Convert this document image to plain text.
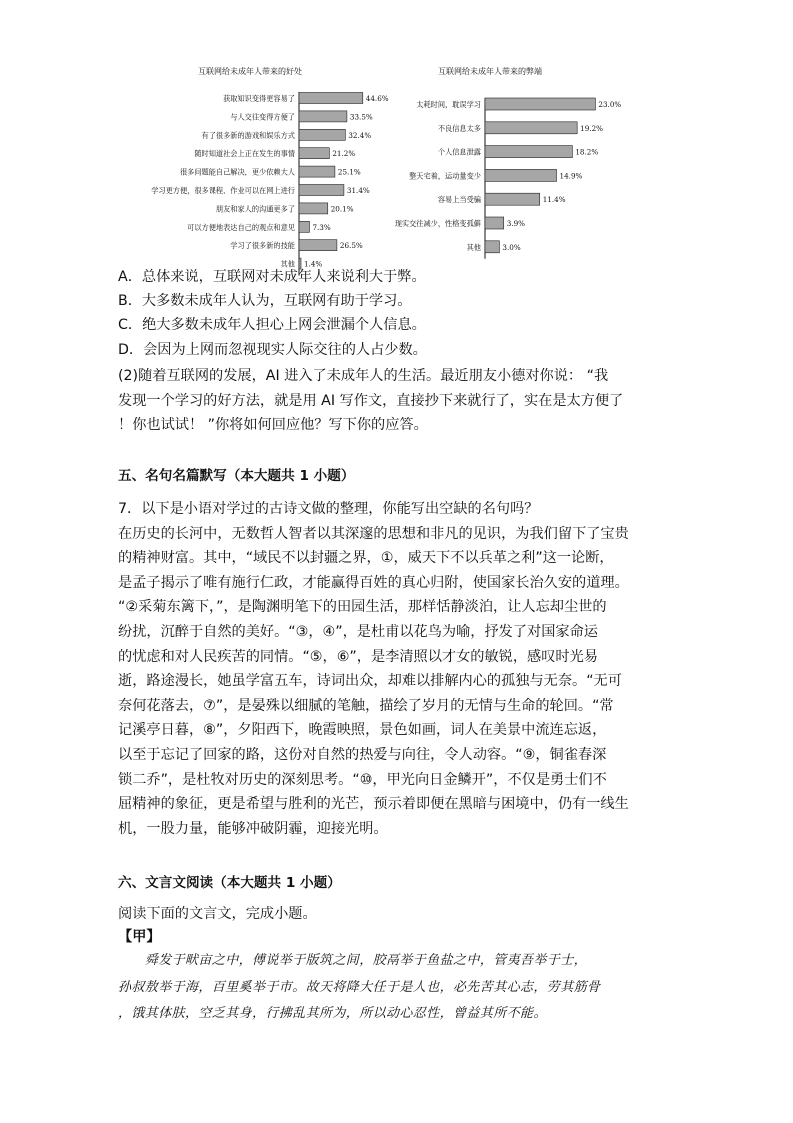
互联网给未成年人带来的好处
获取知识变得更容易了	44.6%
与人交往变得方便了	33.5%
有了很多新的游戏和娱乐方式	32.4%
随时知道社会上正在发生的事情	21.2%
很多问题能自己解决，更少依赖大人	25.1%
学习更方便，很多课程、作业可以在网上进行	31.4%
朋友和家人的沟通更多了	20.1%
可以方便地表达自己的观点和意见 7.3%
学习了很多新的技能	26.5%
其他 1.4%
互联网给未成年人带来的弊端
太耗时间，耽误学习	23.0%
不良信息太多	19.2%
个人信息泄露	18.2%
整天宅着，运动量变少	14.9%
容易上当受骗	11.4%
现实交往减少，性格变孤僻	3.9%
其他	3.0%
A．总体来说，互联网对未成年人来说利大于弊。
B．大多数未成年人认为，互联网有助于学习。
C．绝大多数未成年人担心上网会泄漏个人信息。
D．会因为上网而忽视现实人际交往的人占少数。
(2)随着互联网的发展，AI 进入了未成年人的生活。最近朋友小德对你说： “我
发现一个学习的好方法，就是用 AI 写作文，直接抄下来就行了，实在是太方便了
！你也试试！ ”你将如何回应他？写下你的应答。
五、名句名篇默写（本大题共 1 小题）
7．以下是小语对学过的古诗文做的整理，你能写出空缺的名句吗？
在历史的长河中，无数哲人智者以其深邃的思想和非凡的见识，为我们留下了宝贵
的精神财富。其中，“域民不以封疆之界，①，威天下不以兵革之利”这一论断，
是孟子揭示了唯有施行仁政，才能赢得百姓的真心归附，使国家长治久安的道理。
“②采菊东篱下，”，是陶渊明笔下的田园生活，那样恬静淡泊，让人忘却尘世的
纷扰，沉醉于自然的美好。“③，④”，是杜甫以花鸟为喻，抒发了对国家命运
的忧虑和对人民疾苦的同情。“⑤，⑥”，是李清照以才女的敏锐，感叹时光易
逝，路途漫长，她虽学富五车，诗词出众，却难以排解内心的孤独与无奈。“无可
奈何花落去，⑦”，是晏殊以细腻的笔触，描绘了岁月的无情与生命的轮回。“常
记溪亭日暮，⑧”，夕阳西下，晚霞映照，景色如画，词人在美景中流连忘返，
以至于忘记了回家的路，这份对自然的热爱与向往，令人动容。“⑨，铜雀春深
锁二乔”，是杜牧对历史的深刻思考。“⑩，甲光向日金鳞开”，不仅是勇士们不
屈精神的象征，更是希望与胜利的光芒，预示着即便在黑暗与困境中，仍有一线生
机，一股力量，能够冲破阴霾，迎接光明。
六、文言文阅读（本大题共 1 小题）
阅读下面的文言文，完成小题。
【甲】
　　舜发于畎亩之中，傅说举于版筑之间，胶鬲举于鱼盐之中，管夷吾举于士，
孙叔敖举于海，百里奚举于市。故天将降大任于是人也，必先苦其心志，劳其筋骨
，饿其体肤，空乏其身，行拂乱其所为，所以动心忍性，曾益其所不能。
